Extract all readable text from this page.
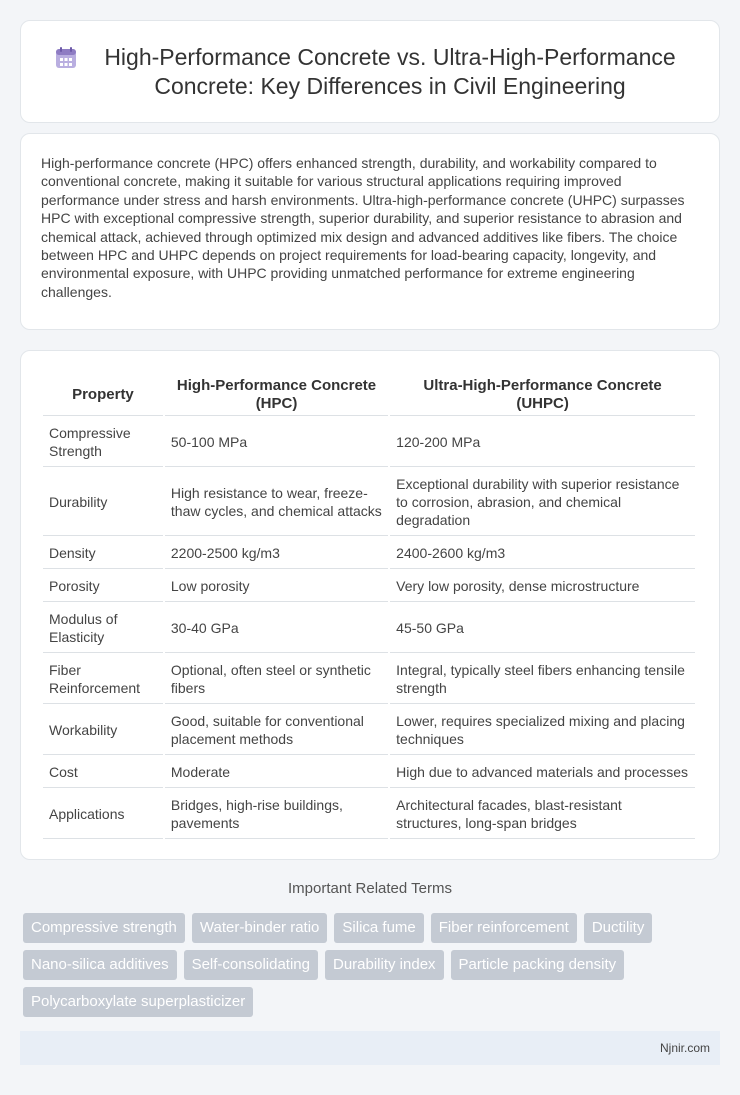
High-Performance Concrete vs. Ultra-High-Performance Concrete: Key Differences in Civil Engineering

High-performance concrete (HPC) offers enhanced strength, durability, and workability compared to conventional concrete, making it suitable for various structural applications requiring improved performance under stress and harsh environments. Ultra-high-performance concrete (UHPC) surpasses HPC with exceptional compressive strength, superior durability, and superior resistance to abrasion and chemical attack, achieved through optimized mix design and advanced additives like fibers. The choice between HPC and UHPC depends on project requirements for load-bearing capacity, longevity, and environmental exposure, with UHPC providing unmatched performance for extreme engineering challenges.

Property	High-Performance Concrete (HPC)	Ultra-High-Performance Concrete (UHPC)
Compressive Strength	50-100 MPa	120-200 MPa
Durability	High resistance to wear, freeze-thaw cycles, and chemical attacks	Exceptional durability with superior resistance to corrosion, abrasion, and chemical degradation
Density	2200-2500 kg/m3	2400-2600 kg/m3
Porosity	Low porosity	Very low porosity, dense microstructure
Modulus of Elasticity	30-40 GPa	45-50 GPa
Fiber Reinforcement	Optional, often steel or synthetic fibers	Integral, typically steel fibers enhancing tensile strength
Workability	Good, suitable for conventional placement methods	Lower, requires specialized mixing and placing techniques
Cost	Moderate	High due to advanced materials and processes
Applications	Bridges, high-rise buildings, pavements	Architectural facades, blast-resistant structures, long-span bridges
Important Related Terms
Compressive strength	Water-binder ratio	Silica fume	Fiber reinforcement	Ductility
Nano-silica additives	Self-consolidating	Durability index	Particle packing density
Polycarboxylate superplasticizer
Njnir.com
